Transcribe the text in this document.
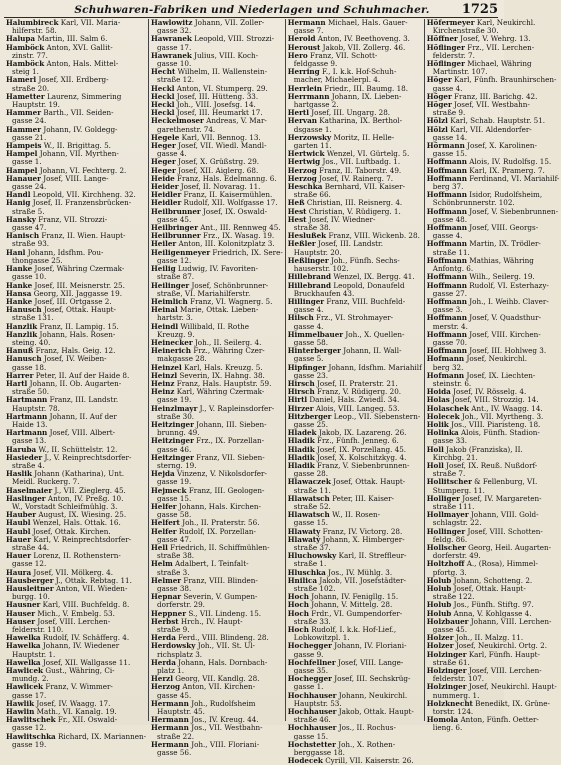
Schuhwaren-Fabriken und Niederlagen und Schuhmacher.	1725
Halumbireck Karl, VII. Maria-
hilferstr. 58.
Halupa Martin, III. Salm 6.
Hamböck Anton, XVI. Gallit-
zinstr. 77.
Hamböck Anton, Hals. Mittel-
steig 1.
Hamerl Josef, XII. Erdberg-
straße 20.
Hametter Laurenz, Simmering
Hauptstr. 19.
Hammer Barth., VII. Seiden-
gasse 24.
Hammer Johann, IV. Goldegg-
gasse 21.
Hampeis W., II. Brigittag. 5.
Hampel Johann, VII. Myrthen-
gasse 1.
Hampel Johann, VI. Fechterg. 2.
Hanauer Josef, VIII. Lange-
gasse 24.
Handl Leopold, VII. Kirchheng. 32.
Hanig Josef, II. Franzensbrücken-
straße 5.
Hansky Franz, VII. Strozzi-
gasse 47.
Hanisch Franz, II. Wien. Haupt-
straße 93.
Hanl Johann, Idsfhm. Pou-
thongasse 25.
Hanke Josef, Währing Czermak-
gasse 10.
Hanke Josef, III. Meisnerstr. 25.
Hansa Georg, XII. Jaggasse 19.
Hanke Josef, III. Ortgasse 2.
Hanusch Josef, Ottak. Haupt-
straße 131.
Hanzlik Franz, II. Lampig. 15.
Hanzlik Johann, Hals. Rosen-
steing. 40.
Hanuß Franz, Hals. Geig. 12.
Hanusch Josef, IV. Weiben-
gasse 18.
Harrer Peter, II. Auf der Haide 8.
Hartl Johann, II. Ob. Augarten-
straße 50.
Hartmann Franz, III. Landstr.
Hauptstr. 78.
Hartmann Johann, II. Auf der
Haide 13.
Hartmann Josef, VIII. Albert-
gasse 13.
Haruba W., II. Schüttelstr. 12.
Hasieder J., V. Reinprechtsdorfer-
straße 4.
Haslik Johann (Katharina), Unt.
Meidl. Ruckerg. 7.
Haselmaier J., VII. Zieglerg. 45.
Haslinger Anton, IV. Preßg. 10.
W., Vorstadt Schleifmühlg. 3.
Hauber August, IX. Wiesing. 25.
Haubl Wenzel, Hals. Ottak. 16.
Haubl Josef, Ottak. Kirchen.
Hauer Karl, V. Reinprechtsdorfer-
straße 44.
Hauer Lorenz, II. Rothenstern-
gasse 12.
Haura Josef, VII. Mölkerg. 4.
Hausberger J., Ottak. Rebtag. 11.
Hausleitner Anton, VII. Wieden-
burgg. 10.
Hausner Karl, VIII. Buchfeldg. 8.
Hauser Mich., V. Embelg. 53.
Hauser Josef, VIII. Lerchen-
felderstr. 110.
Hawelka Rudolf, IV. Schäfferg. 4.
Hawelka Johann, IV. Wiedener
Hauptstr. 1.
Hawelka Josef, XII. Wallgasse 11.
Hawlicek Gust., Währing, Ci-
mundg. 2.
Hawlicek Franz, V. Wimmer-
gasse 17.
Hawlik Josef, IV. Waagg. 17.
Hawlin Math., VI. Kanalg. 19.
Hawlitschek Fr., XII. Oswald-
gasse 12.
Hawlitschka Richard, IX. Mariannen-
gasse 19.
Hawlowitz Johann, VII. Zoller-
gasse 32.
Hawranek Leopold, VIII. Strozzi-
gasse 17.
Hawranek Julius, VIII. Koch-
gasse 10.
Hecht Wilhelm, II. Wallenstein-
straße 12.
Heckl Anton, VI. Stumperg. 29.
Heckl Josef, III. Hütteng. 33.
Heckl Joh., VIII. Josefsg. 14.
Heckl Josef, III. Heumarkt 17.
Heckelmoser Andreas, V. Mar-
garethenstr. 74.
Hegele Karl, VII. Bennog. 13.
Heger Josef, VII. Wiedl. Mandl-
gasse 4.
Heger Josef, X. Grüßstrg. 29.
Heger Josef, XII. Aiglerg. 68.
Heide Franz, Hals. Edelmanng. 6.
Heider Josef, II. Novarag. 11.
Heidler Franz, II. Kaisermühlen.
Heidler Rudolf, XII. Wolfgasse 17.
Heilbrunner Josef, IX. Oswald-
gasse 45.
Heilbringer Ant., III. Rennweg 45.
Heilbrunner Frz., IX. Wasag. 19.
Heiler Anton, III. Kolonitzplatz 3.
Heiligenmeyer Friedrich, IX. Sere-
gasse 12.
Heilig Ludwig, IV. Favoriten-
straße 87.
Heilinger Josef, Schönbrunner-
straße, VI. Mariahilferstr.
Heimlich Franz, VI. Wagnerg. 5.
Heinal Marie, Ottak. Lieben-
hartstr. 3.
Heindl Willibald, II. Rothe
Kreuzg. 9.
Heinecker Joh., II. Seilerg. 4.
Heinerich Frz., Währing Czer-
makgasse 28.
Heinzel Karl, Hals. Kreuzg. 5.
Heinzl Severin, IX. Hahng. 38.
Heinz Franz, Hals. Hauptstr. 59.
Heinz Karl, Währing Czermak-
gasse 19.
Heinzlmayr J., V. Rapleinsdorfer-
straße 30.
Heitzinger Johann, III. Sieben-
brunng. 49.
Heitzinger Frz., IX. Porzellan-
gasse 46.
Heitzinger Franz, VII. Sieben-
sterng. 19.
Hejda Vinzenz, V. Nikolsdorfer-
gasse 19.
Hejmeck Franz, III. Geologen-
gasse 15.
Helfer Johann, Hals. Kirchen-
gasse 58.
Helfert Joh., II. Praterstr. 56.
Helfer Rudolf, IX. Porzellan-
gasse 47.
Hell Friedrich, II. Schiffmühlen-
straße 38.
Helm Adalbert, I. Teinfalt-
straße 3.
Helmer Franz, VIII. Blinden-
gasse 38.
Hepnar Severin, V. Gumpen-
dorferstr. 29.
Heppner S., VII. Lindeng. 15.
Herbst Hrch., IV. Haupt-
straße 9.
Herda Ferd., VIII. Blindeng. 28.
Herdowsky Joh., VII. St. Ul-
richsplatz 3.
Herda Johann, Hals. Dornbach-
platz 1.
Herzl Georg, VII. Kandlg. 28.
Herzog Anton, VII. Kirchen-
gasse 45.
Hermann Joh., Rudolfsheim
Hauptstr. 45.
Hermann Jos., IV. Kreug. 44.
Hermann Jos., VII. Westbahn-
straße 22.
Hermann Joh., VIII. Floriani-
gasse 56.
Hermann Michael, Hals. Gauer-
gasse 7.
Herold Anton, IV. Beethoveng. 3.
Heroust Jakob, VII. Zollerg. 46.
Hero Franz, VII. Schott-
feldgasse 9.
Herring F., I. k.k. Hof-Schuh-
macher, Michaelerpl. 4.
Herrlein Friedr., III. Baumg. 18.
Herrmann Johann, IX. Lieben-
hartgasse 2.
Hertl Josef, III. Ungarg. 28.
Hervan Katharina, IX. Berthol-
dsgasse 1.
Herzowsky Moritz, II. Helle-
garten 11.
Hertwick Wenzel, VI. Gürtelg. 5.
Hertwig Jos., VII. Luftbadg. 1.
Herzog Franz, II. Taborstr. 49.
Herzog Josef, IV. Rainerg. 7.
Heschka Bernhard, VII. Kaiser-
straße 66.
Heß Christian, III. Reisnerg. 4.
Hest Christian, V. Rüdigerg. 1.
Hest Josef, IV. Wiedner-
straße 38.
Heslußek Franz, VIII. Wickenb. 28.
Heßler Josef, III. Landstr.
Hauptstr. 20.
Heßlinger Joh., Fünfh. Sechs-
hauserstr. 102.
Hillebrand Wenzel, IX. Bergg. 41.
Hillebrand Leopold, Donaufeld
Bruckhaufen 43.
Hillinger Franz, VIII. Buchfeld-
gasse 4.
Hilsch Frz., VI. Strohmayer-
gasse 4.
Himmelbauer Joh., X. Quellen-
gasse 58.
Hinterberger Johann, II. Wall-
gasse 5.
Hipfinger Johann, Idsfhm. Mariahilf
gasse 23.
Hirsch Josef, II. Praterstr. 21.
Hirsch Franz, V. Rüdigerg. 20.
Hirtl Daniel, Hals. Zwiedl. 34.
Hirzer Alois, VIII. Langeg. 53.
Hitzberger Leop., VII. Siebenstern-
gasse 25.
Hladek Jakob, IX. Lazareng. 26.
Hladik Frz., Fünfh. Jenneg. 6.
Hladik Josef, IX. Porzellang. 45.
Hladik Josef, X. Kolschitzkyg. 4.
Hladik Franz, V. Siebenbrunnen-
gasse 28.
Hlawaczek Josef, Ottak. Haupt-
straße 11.
Hlawatsch Peter, III. Kaiser-
straße 52.
Hlawatsch W., II. Rosen-
gasse 15.
Hlawaty Franz, IV. Victorg. 28.
Hlawatý Johann, X. Himberger-
straße 37.
Hluchowsky Karl, II. Streffleur-
straße 1.
Hluschka Jos., IV. Mühlg. 3.
Hnilica Jakob, VII. Josefstädter-
straße 102.
Hoch Johann, IV. Fenigllg. 15.
Hoch Johann, V. Mittelg. 28.
Hoch Frdr., VI. Gumpendorfer-
straße 33.
Hoch Rudolf, I. k.k. Hof-Lief.,
Lobkowitzpl. 1.
Hochegger Johann, IV. Floriani-
gasse 9.
Hochfellner Josef, VIII. Lange-
gasse 35.
Hochegger Josef, III. Sechskrüg-
gasse 1.
Hochhauser Johann, Neukirchl.
Hauptstr. 53.
Hochhauser Jakob, Ottak. Haupt-
straße 46.
Hochhauser Jos., II. Rochus-
gasse 15.
Hochstetter Joh., X. Rothen-
berggasse 18.
Hodecek Cyrill, VII. Kaiserstr. 26.
Höfermeyer Karl, Neukirchl.
Kirchenstraße 30.
Höffner Josef, V. Wehrg. 13.
Höflinger Frz., VII. Lerchen-
felderstr. 7.
Höflinger Michael, Währing
Martinstr. 107.
Höger Karl, Fünfh. Braunhirschen-
gasse 4.
Höger Franz, III. Barichg. 42.
Höger Josef, VII. Westbahn-
straße 9.
Hölzl Karl, Schab. Hauptstr. 51.
Hölzl Karl, VII. Aldendorfer-
gasse 14.
Hörmann Josef, X. Karolinen-
gasse 15.
Hoffmann Alois, IV. Rudolfsg. 15.
Hoffmann Karl, IX. Pramerg. 7.
Hoffmann Ferdinand, VI. Mariahilf-
berg 37.
Hoffmann Isidor, Rudolfsheim,
Schönbrunnerstr. 102.
Hoffmann Josef, V. Siebenbrunnen-
gasse 48.
Hoffmann Josef, VIII. Georgs-
gasse 4.
Hoffmann Martin, IX. Trödler-
straße 11.
Hoffmann Mathias, Währing
Anfontg. 6.
Hoffmann Wilh., Seilerg. 19.
Hoffmann Rudolf, VI. Esterhazy-
gasse 27.
Hoffmann Joh., I. Weihb. Claver-
gasse 3.
Hoffmann Josef, V. Quadsthur-
merstr. 4.
Hoffmann Josef, VIII. Kirchen-
gasse 70.
Hoffmann Josef, III. Hohlweg 3.
Hofmann Josef, Neukirchl.
berg 32.
Hofmann Josef, IX. Liechten-
steinstr. 6.
Hoida Josef, IV. Rösselg. 4.
Holas Josef, VIII. Strozzig. 14.
Holaschek Ant., IV. Waagg. 14.
Holecek Joh., VII. Myrtheng. 3.
Holik Jos., VIII. Piaristeng. 18.
Holinka Alois, Fünfh. Stadion-
gasse 33.
Holl Jakob (Franziska), II.
Kirchbg. 21.
Holl Josef, IX. Reuß. Nußdorf-
straße 7.
Hollitscher & Fellenburg, VI.
Stumperg. 11.
Holliger Josef, IV. Margareten-
straße 111.
Hollmayer Johann, VIII. Gold-
schlagstr. 22.
Hollinger Josef, VIII. Schotten-
feldg. 86.
Hollscher Georg, Heil. Augarten-
dorferstr. 49.
Holtzhoff A., (Rosa), Himmel-
pfortg. 3.
Holub Johann, Schotteng. 2.
Holub Josef, Ottak. Haupt-
straße 122.
Holub Jos., Fünfh. Stiftg. 97.
Holub Anna, V. Kohlgasse 4.
Holzbauer Johann, VIII. Lerchen-
gasse 45.
Holzer Joh., II. Malzg. 11.
Holzer Josef, Neukirchl. Ortg. 2.
Holzinger Karl, Fünfh. Haupt-
straße 61.
Holzinger Josef, VIII. Lerchen-
felderstr. 107.
Holzinger Josef, Neukirchl. Haupt-
nummerg. 1.
Holzknecht Benedikt, IX. Grüne-
torstr. 124.
Homola Anton, Fünfh. Oetter-
lieng. 6.
